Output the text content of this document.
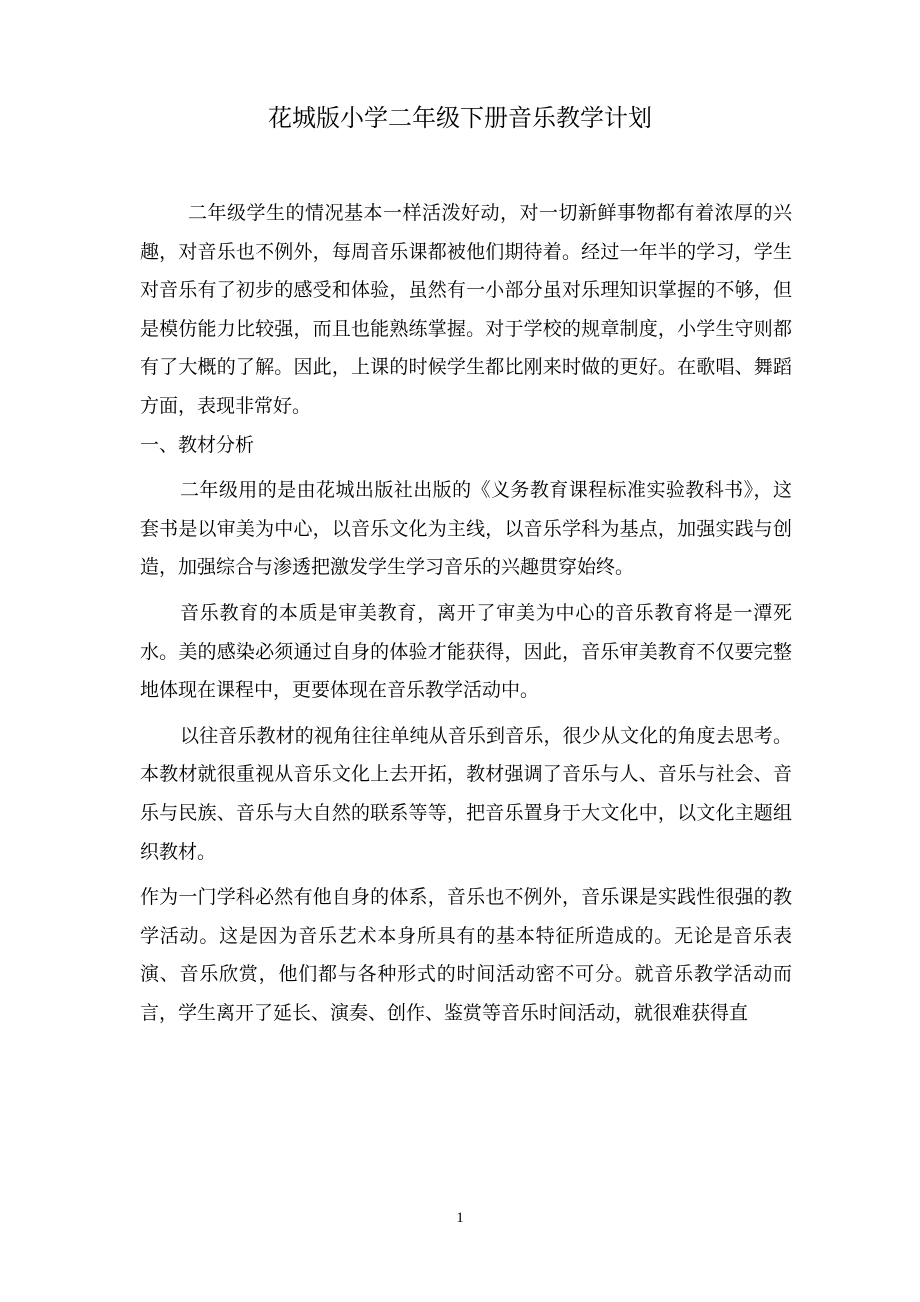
花城版小学二年级下册音乐教学计划

二年级学生的情况基本一样活泼好动，对一切新鲜事物都有着浓厚的兴趣，对音乐也不例外，每周音乐课都被他们期待着。经过一年半的学习，学生对音乐有了初步的感受和体验，虽然有一小部分虽对乐理知识掌握的不够，但是模仿能力比较强，而且也能熟练掌握。对于学校的规章制度，小学生守则都有了大概的了解。因此，上课的时候学生都比刚来时做的更好。在歌唱、舞蹈方面，表现非常好。

一、教材分析

二年级用的是由花城出版社出版的《义务教育课程标准实验教科书》，这套书是以审美为中心，以音乐文化为主线，以音乐学科为基点，加强实践与创造，加强综合与渗透把激发学生学习音乐的兴趣贯穿始终。

音乐教育的本质是审美教育，离开了审美为中心的音乐教育将是一潭死水。美的感染必须通过自身的体验才能获得，因此，音乐审美教育不仅要完整地体现在课程中，更要体现在音乐教学活动中。

以往音乐教材的视角往往单纯从音乐到音乐，很少从文化的角度去思考。本教材就很重视从音乐文化上去开拓，教材强调了音乐与人、音乐与社会、音乐与民族、音乐与大自然的联系等等，把音乐置身于大文化中，以文化主题组织教材。

作为一门学科必然有他自身的体系，音乐也不例外，音乐课是实践性很强的教学活动。这是因为音乐艺术本身所具有的基本特征所造成的。无论是音乐表演、音乐欣赏，他们都与各种形式的时间活动密不可分。就音乐教学活动而言，学生离开了延长、演奏、创作、鉴赏等音乐时间活动，就很难获得直

1
